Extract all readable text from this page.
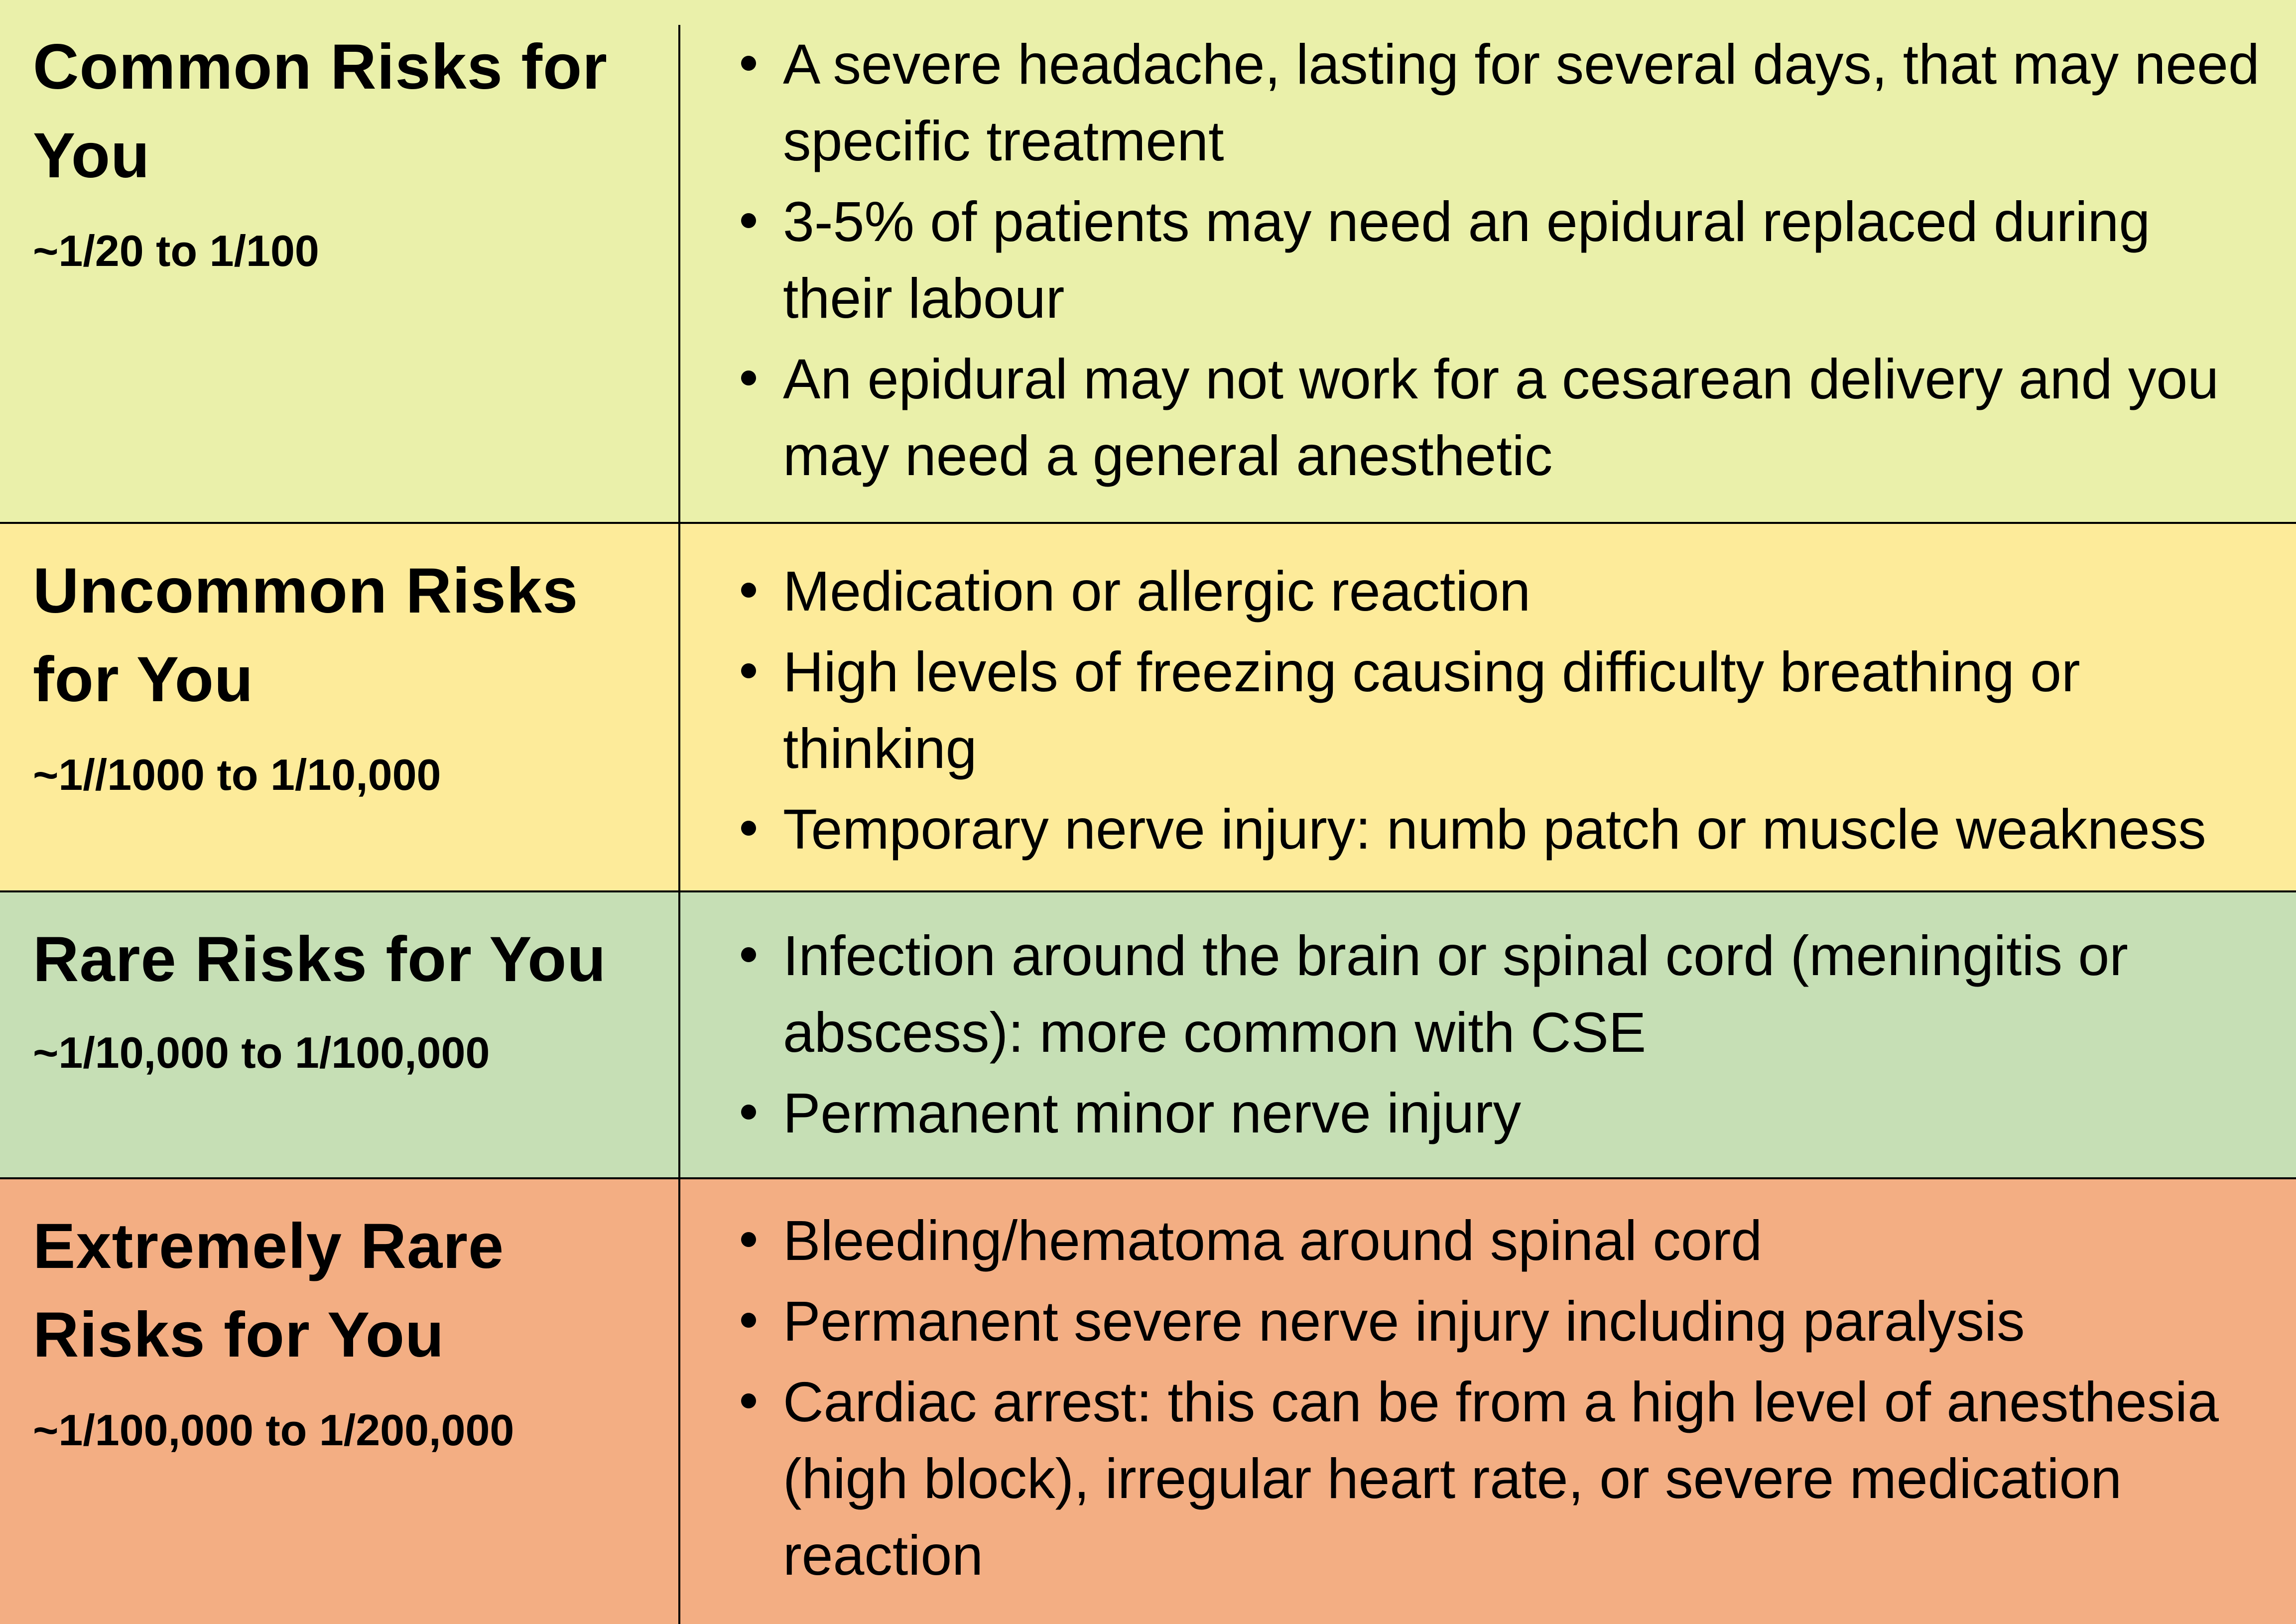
Common Risks for You

~1/20 to 1/100

A severe headache, lasting for several days, that may need specific treatment
3-5% of patients may need an epidural replaced during their labour
An epidural may not work for a cesarean delivery and you may need a general anesthetic
Uncommon Risks for You

~1//1000 to 1/10,000

Medication or allergic reaction
High levels of freezing causing difficulty breathing or thinking
Temporary nerve injury: numb patch or muscle weakness
Rare Risks for You

~1/10,000 to 1/100,000

Infection around the brain or spinal cord (meningitis or abscess): more common with CSE
Permanent minor nerve injury
Extremely Rare Risks for You

~1/100,000 to 1/200,000

Bleeding/hematoma around spinal cord
Permanent severe nerve injury including paralysis
Cardiac arrest: this can be from a high level of anesthesia (high block), irregular heart rate, or severe medication reaction
